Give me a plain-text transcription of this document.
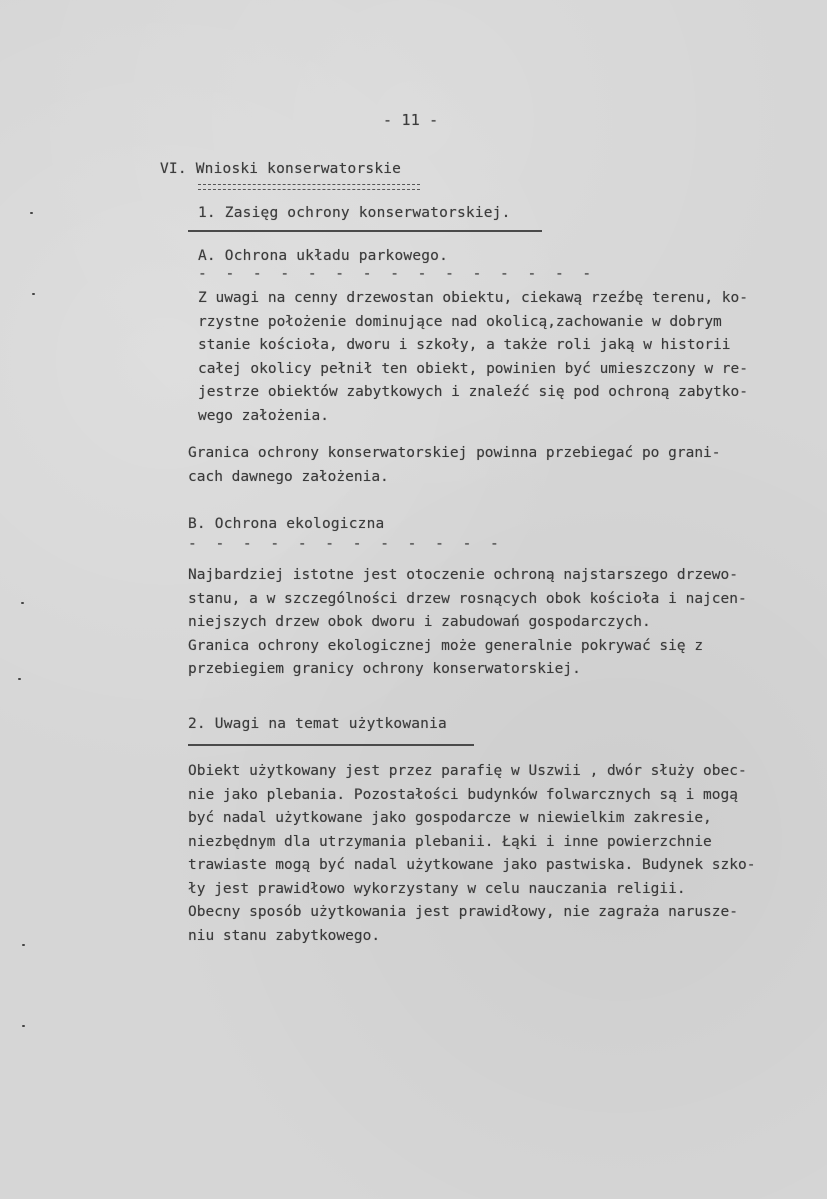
- 11 -
VI. Wnioski konserwatorskie
1. Zasięg ochrony konserwatorskiej.
A. Ochrona układu parkowego.
- - - - - - - - - - - - - - -
Z uwagi na cenny drzewostan obiektu, ciekawą rzeźbę terenu, ko-
rzystne położenie dominujące nad okolicą,zachowanie w dobrym
stanie kościoła, dworu i szkoły, a także roli jaką w historii
całej okolicy pełnił ten obiekt, powinien być umieszczony w re-
jestrze obiektów zabytkowych i znaleźć się pod ochroną zabytko-
wego założenia.
Granica ochrony konserwatorskiej powinna przebiegać po grani-
cach dawnego założenia.
B. Ochrona ekologiczna
- - - - - - - - - - - -
Najbardziej istotne jest otoczenie ochroną najstarszego drzewo-
stanu, a w szczególności drzew rosnących obok kościoła i najcen-
niejszych drzew obok dworu i zabudowań gospodarczych.
Granica ochrony ekologicznej może generalnie pokrywać się z
przebiegiem granicy ochrony konserwatorskiej.
2. Uwagi na temat użytkowania
Obiekt użytkowany jest przez parafię w Uszwii , dwór służy obec-
nie jako plebania. Pozostałości budynków folwarcznych są i mogą
być nadal użytkowane jako gospodarcze w niewielkim zakresie,
niezbędnym dla utrzymania plebanii. Łąki i inne powierzchnie
trawiaste mogą być nadal użytkowane jako pastwiska. Budynek szko-
ły jest prawidłowo wykorzystany w celu nauczania religii.
Obecny sposób użytkowania jest prawidłowy, nie zagraża naruszе-
niu stanu zabytkowego.
